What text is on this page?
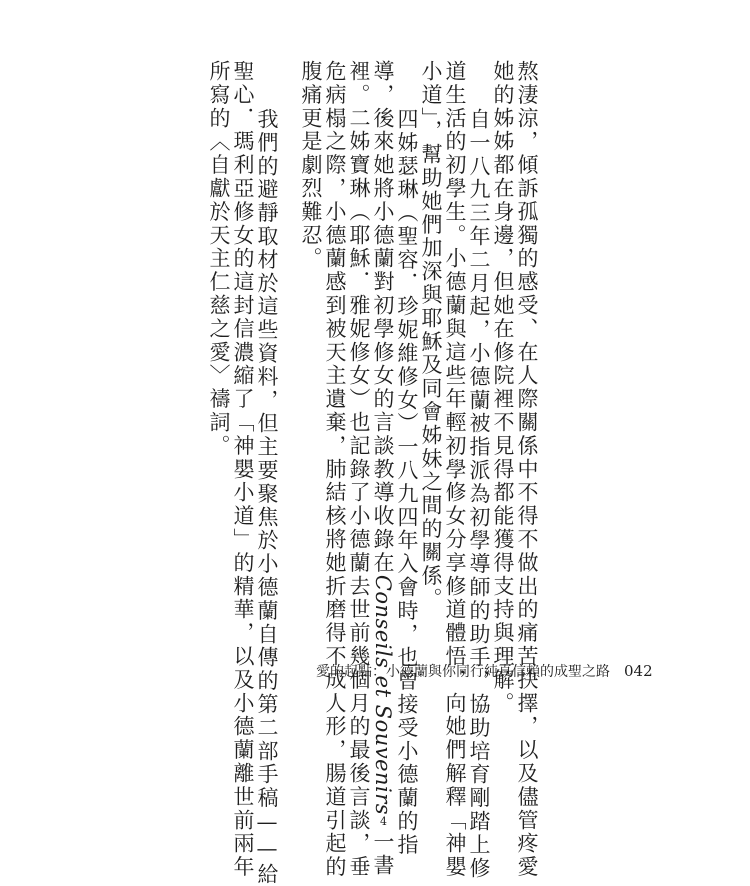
熬淒涼，傾訴孤獨的感受、在人際關係中不得不做出的痛苦抉擇，以及儘管疼愛
她的姊姊都在身邊，但她在修院裡不見得都能獲得支持與理解。
自一八九三年二月起，小德蘭被指派為初學導師的助手，協助培育剛踏上修
道生活的初學生。小德蘭與這些年輕初學修女分享修道體悟，向她們解釋「神嬰
小道」，幫助她們加深與耶穌及同會姊妹之間的關係。
四姊瑟琳（聖容．珍妮維修女）一八九四年入會時，也曾接受小德蘭的指
導，後來她將小德蘭對初學修女的言談教導收錄在Conseils et Souvenirs4一書
裡。二姊寶琳（耶穌．雅妮修女）也記錄了小德蘭去世前幾個月的最後言談，垂
危病榻之際，小德蘭感到被天主遺棄，肺結核將她折磨得不成人形，腸道引起的
腹痛更是劇烈難忍。
我們的避靜取材於這些資料，但主要聚焦於小德蘭自傳的第二部手稿——給
聖心．瑪利亞修女的這封信濃縮了「神嬰小道」的精華，以及小德蘭離世前兩年
所寫的〈自獻於天主仁慈之愛〉禱詞。
愛的起點：小德蘭與你同行純真信賴的成聖之路 042
